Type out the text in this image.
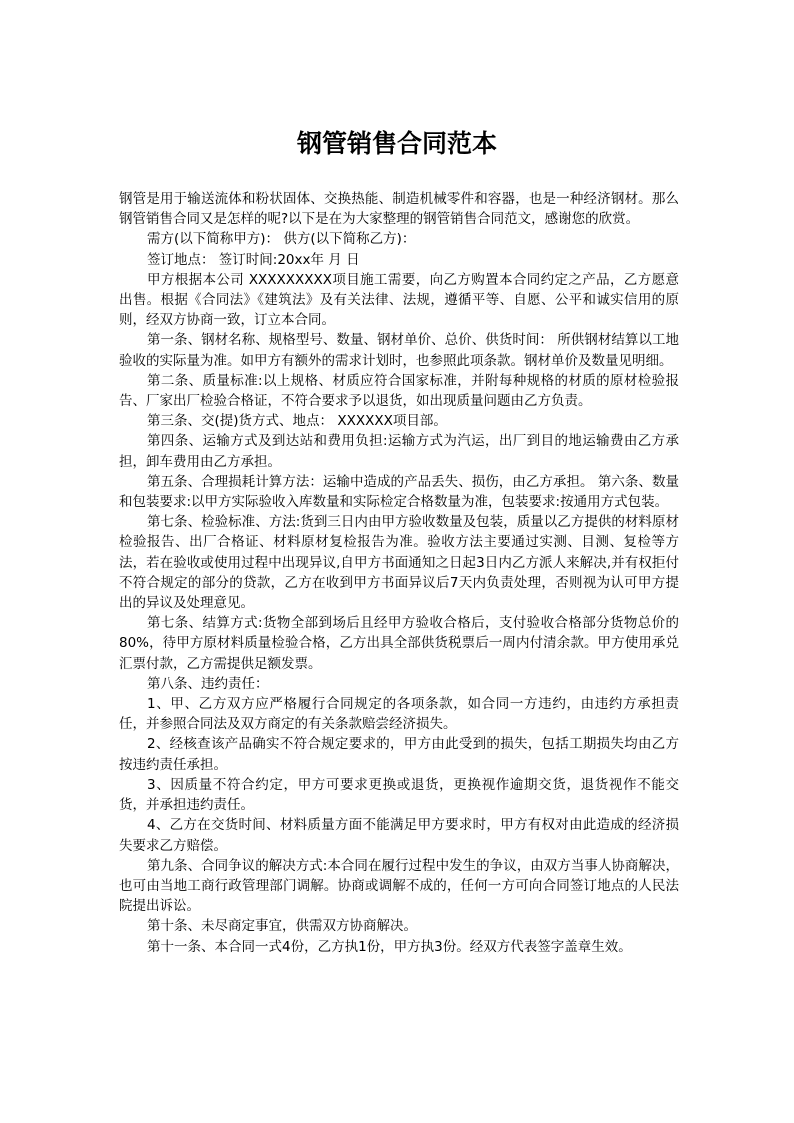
钢管销售合同范本

钢管是用于输送流体和粉状固体、交换热能、制造机械零件和容器，也是一种经济钢材。那么钢管销售合同又是怎样的呢?以下是在为大家整理的钢管销售合同范文，感谢您的欣赏。

需方(以下简称甲方)： 供方(以下简称乙方)：

签订地点： 签订时间:20xx年 月 日

甲方根据本公司 XXXXXXXXX项目施工需要，向乙方购置本合同约定之产品，乙方愿意出售。根据《合同法》《建筑法》及有关法律、法规，遵循平等、自愿、公平和诚实信用的原则，经双方协商一致，订立本合同。

第一条、钢材名称、规格型号、数量、钢材单价、总价、供货时间： 所供钢材结算以工地验收的实际量为准。如甲方有额外的需求计划时，也参照此项条款。钢材单价及数量见明细。

第二条、质量标准:以上规格、材质应符合国家标准，并附每种规格的材质的原材检验报告、厂家出厂检验合格证，不符合要求予以退货，如出现质量问题由乙方负责。

第三条、交(提)货方式、地点： XXXXXX项目部。

第四条、运输方式及到达站和费用负担:运输方式为汽运，出厂到目的地运输费由乙方承担，卸车费用由乙方承担。

第五条、合理损耗计算方法：运输中造成的产品丢失、损伤，由乙方承担。 第六条、数量和包装要求:以甲方实际验收入库数量和实际检定合格数量为准，包装要求:按通用方式包装。

第七条、检验标准、方法:货到三日内由甲方验收数量及包装，质量以乙方提供的材料原材检验报告、出厂合格证、材料原材复检报告为准。验收方法主要通过实测、目测、复检等方法，若在验收或使用过程中出现异议,自甲方书面通知之日起3日内乙方派人来解决,并有权拒付不符合规定的部分的贷款，乙方在收到甲方书面异议后7天内负责处理，否则视为认可甲方提出的异议及处理意见。

第七条、结算方式:货物全部到场后且经甲方验收合格后，支付验收合格部分货物总价的80%，待甲方原材料质量检验合格，乙方出具全部供货税票后一周内付清余款。甲方使用承兑汇票付款，乙方需提供足额发票。

第八条、违约责任：

1、甲、乙方双方应严格履行合同规定的各项条款，如合同一方违约，由违约方承担责任，并参照合同法及双方商定的有关条款赔尝经济损失。

2、经核查该产品确实不符合规定要求的，甲方由此受到的损失，包括工期损失均由乙方按违约责任承担。

3、因质量不符合约定，甲方可要求更换或退货，更换视作逾期交货，退货视作不能交货，并承担违约责任。

4、乙方在交货时间、材料质量方面不能满足甲方要求时，甲方有权对由此造成的经济损失要求乙方赔偿。

第九条、合同争议的解决方式:本合同在履行过程中发生的争议，由双方当事人协商解决，也可由当地工商行政管理部门调解。协商或调解不成的，任何一方可向合同签订地点的人民法院提出诉讼。

第十条、未尽商定事宜，供需双方协商解决。

第十一条、本合同一式4份，乙方执1份，甲方执3份。经双方代表签字盖章生效。
